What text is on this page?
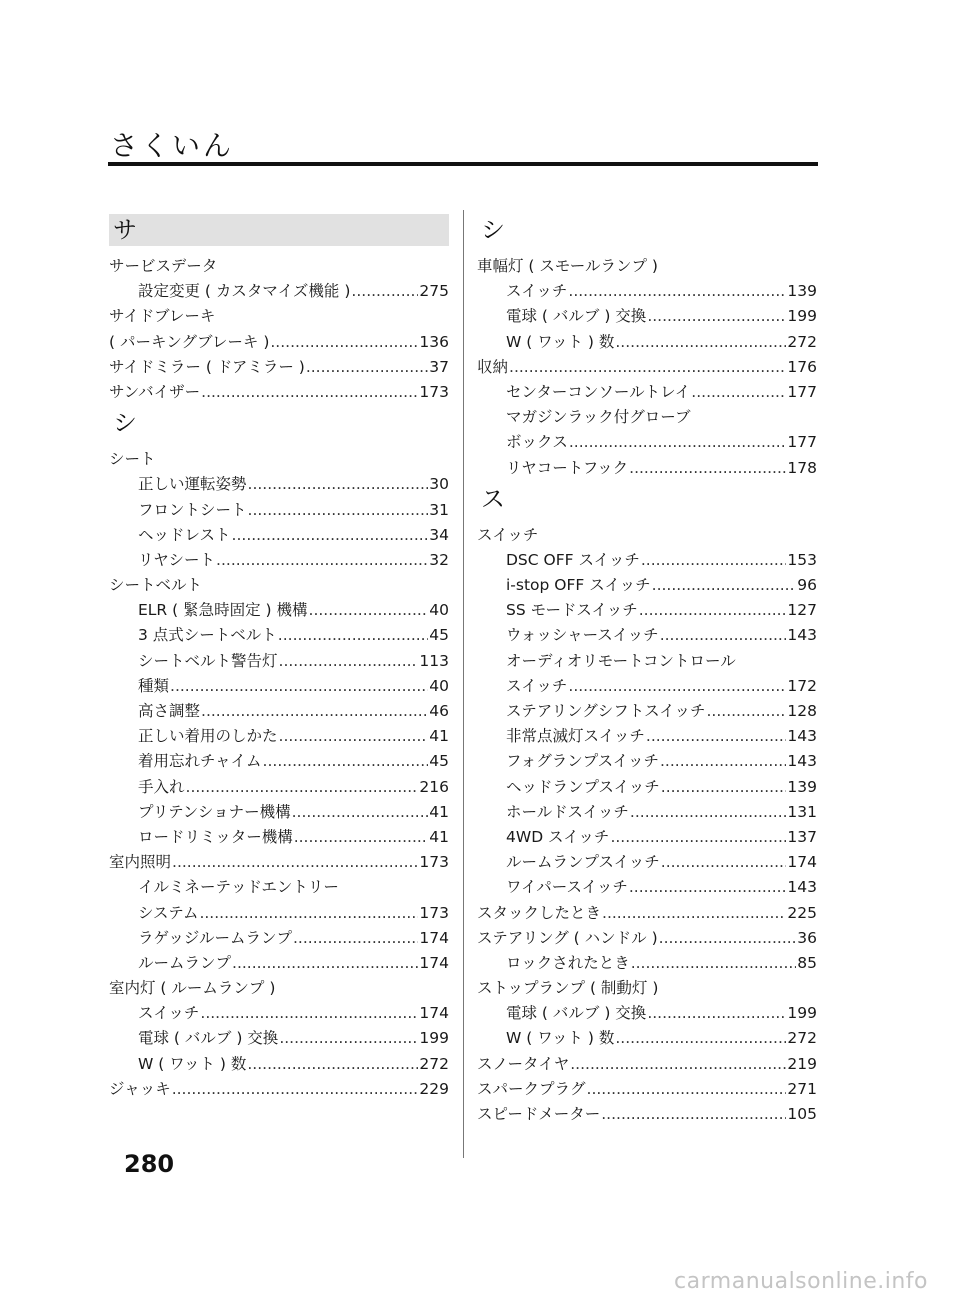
さくいん
サ
サービスデータ
設定変更 ( カスタマイズ機能 ) .....	275
サイドブレーキ
( パーキングブレーキ ) .....	136
サイドミラー ( ドアミラー ) .....	37
サンバイザー .....	173
シ
シート
正しい運転姿勢 .....	30
フロントシート .....	31
ヘッドレスト .....	34
リヤシート .....	32
シートベルト
ELR ( 緊急時固定 ) 機構 .....	40
3 点式シートベルト .....	45
シートベルト警告灯 .....	113
種類 .....	40
高さ調整 .....	46
正しい着用のしかた .....	41
着用忘れチャイム .....	45
手入れ .....	216
プリテンショナー機構 .....	41
ロードリミッター機構 .....	41
室内照明 .....	173
イルミネーテッドエントリー
システム .....	173
ラゲッジルームランプ .....	174
ルームランプ .....	174
室内灯 ( ルームランプ )
スイッチ .....	174
電球 ( バルブ ) 交換 .....	199
W ( ワット ) 数 .....	272
ジャッキ .....	229
シ
車幅灯 ( スモールランプ )
スイッチ .....	139
電球 ( バルブ ) 交換 .....	199
W ( ワット ) 数 .....	272
収納 .....	176
センターコンソールトレイ .....	177
マガジンラック付グローブ
ボックス .....	177
リヤコートフック .....	178
ス
スイッチ
DSC OFF スイッチ .....	153
i-stop OFF スイッチ .....	96
SS モードスイッチ .....	127
ウォッシャースイッチ .....	143
オーディオリモートコントロール
スイッチ .....	172
ステアリングシフトスイッチ .....	128
非常点滅灯スイッチ .....	143
フォグランプスイッチ .....	143
ヘッドランプスイッチ .....	139
ホールドスイッチ .....	131
4WD スイッチ .....	137
ルームランプスイッチ .....	174
ワイパースイッチ .....	143
スタックしたとき .....	225
ステアリング ( ハンドル ) .....	36
ロックされたとき .....	85
ストップランプ ( 制動灯 )
電球 ( バルブ ) 交換 .....	199
W ( ワット ) 数 .....	272
スノータイヤ .....	219
スパークプラグ .....	271
スピードメーター .....	105
280
carmanualsonline.info
